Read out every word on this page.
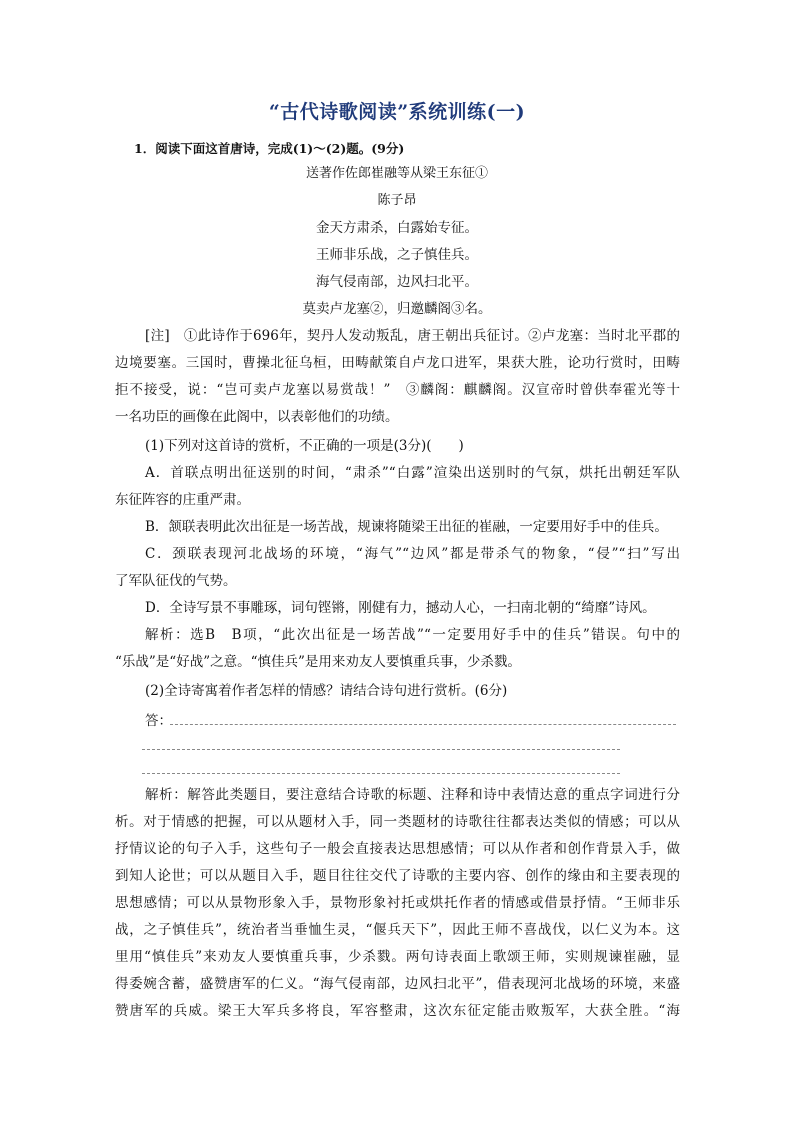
“古代诗歌阅读”系统训练(一)
1．阅读下面这首唐诗，完成(1)～(2)题。(9分)
送著作佐郎崔融等从梁王东征①
陈子昂
金天方肃杀，白露始专征。
王师非乐战，之子慎佳兵。
海气侵南部，边风扫北平。
莫卖卢龙塞②，归邀麟阁③名。
[注]　①此诗作于696年，契丹人发动叛乱，唐王朝出兵征讨。②卢龙塞：当时北平郡的
边境要塞。三国时，曹操北征乌桓，田畴献策自卢龙口进军，果获大胜，论功行赏时，田畴
拒不接受，说：“岂可卖卢龙塞以易赏哉！”　③麟阁：麒麟阁。汉宣帝时曾供奉霍光等十
一名功臣的画像在此阁中，以表彰他们的功绩。
(1)下列对这首诗的赏析，不正确的一项是(3分)(　　)
A．首联点明出征送别的时间，“肃杀”“白露”渲染出送别时的气氛，烘托出朝廷军队
东征阵容的庄重严肃。
B．颔联表明此次出征是一场苦战，规谏将随梁王出征的崔融，一定要用好手中的佳兵。
C．颈联表现河北战场的环境，“海气”“边风”都是带杀气的物象，“侵”“扫”写出
了军队征伐的气势。
D．全诗写景不事雕琢，词句铿锵，刚健有力，撼动人心，一扫南北朝的“绮靡”诗风。
解析：选B　B项，“此次出征是一场苦战”“一定要用好手中的佳兵”错误。句中的
“乐战”是“好战”之意。“慎佳兵”是用来劝友人要慎重兵事，少杀戮。
(2)全诗寄寓着作者怎样的情感？请结合诗句进行赏析。(6分)
答：
解析：解答此类题目，要注意结合诗歌的标题、注释和诗中表情达意的重点字词进行分
析。对于情感的把握，可以从题材入手，同一类题材的诗歌往往都表达类似的情感；可以从
抒情议论的句子入手，这些句子一般会直接表达思想感情；可以从作者和创作背景入手，做
到知人论世；可以从题目入手，题目往往交代了诗歌的主要内容、创作的缘由和主要表现的
思想感情；可以从景物形象入手，景物形象衬托或烘托作者的情感或借景抒情。“王师非乐
战，之子慎佳兵”，统治者当垂恤生灵，“偃兵天下”，因此王师不喜战伐，以仁义为本。这
里用“慎佳兵”来劝友人要慎重兵事，少杀戮。两句诗表面上歌颂王师，实则规谏崔融，显
得委婉含蓄，盛赞唐军的仁义。“海气侵南部，边风扫北平”，借表现河北战场的环境，来盛
赞唐军的兵威。梁王大军兵多将良，军容整肃，这次东征定能击败叛军，大获全胜。“海
